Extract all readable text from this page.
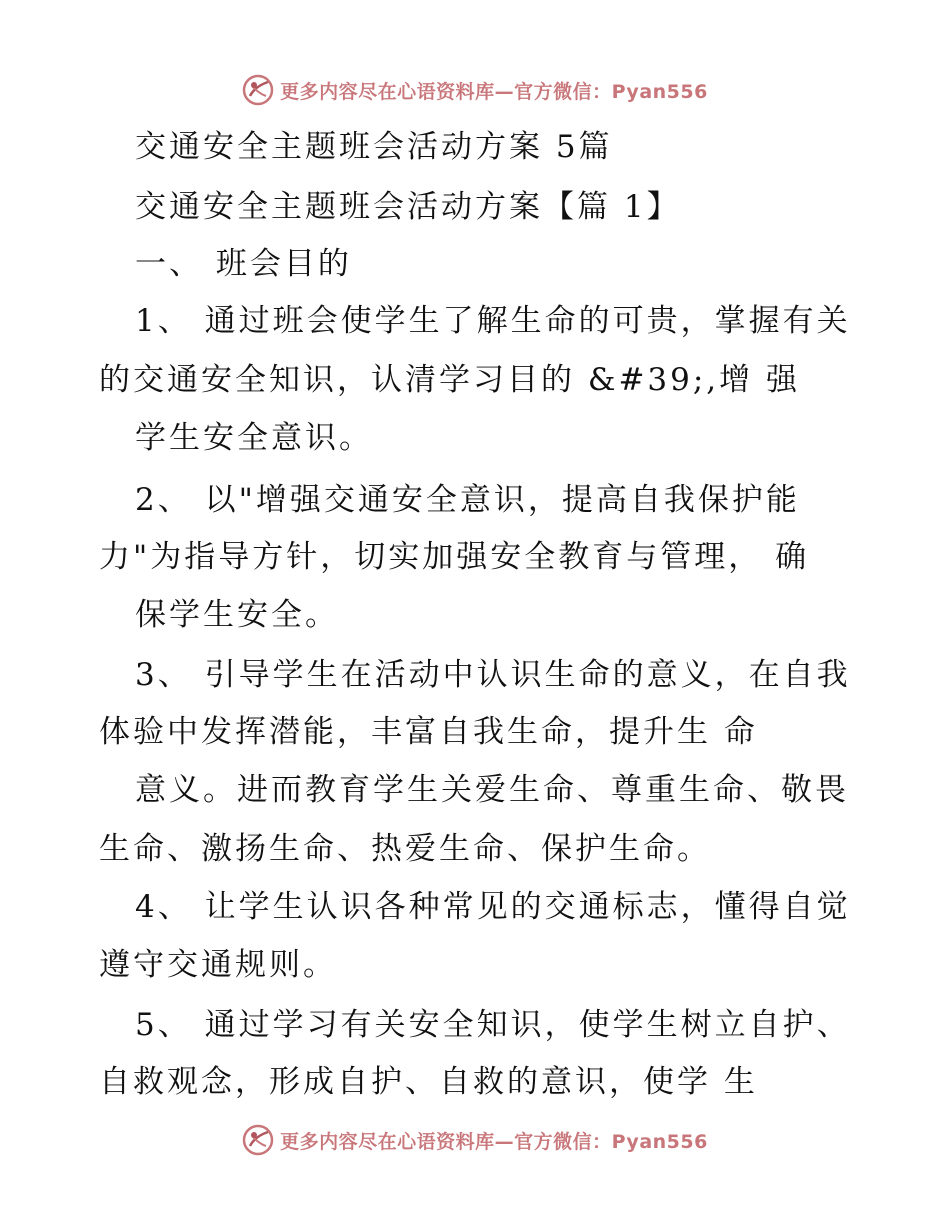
更多内容尽在心语资料库—官方微信：Pyan556
交通安全主题班会活动方案 5篇
交通安全主题班会活动方案【篇 1】
一、 班会目的
1、 通过班会使学生了解生命的可贵，掌握有关
的交通安全知识，认清学习目的 &#39;,增 强
学生安全意识。
2、 以"增强交通安全意识，提高自我保护能
力"为指导方针，切实加强安全教育与管理， 确
保学生安全。
3、 引导学生在活动中认识生命的意义，在自我
体验中发挥潜能，丰富自我生命，提升生 命
意义。进而教育学生关爱生命、尊重生命、敬畏
生命、激扬生命、热爱生命、保护生命。
4、 让学生认识各种常见的交通标志，懂得自觉
遵守交通规则。
5、 通过学习有关安全知识，使学生树立自护、
自救观念，形成自护、自救的意识，使学 生
更多内容尽在心语资料库—官方微信：Pyan556
